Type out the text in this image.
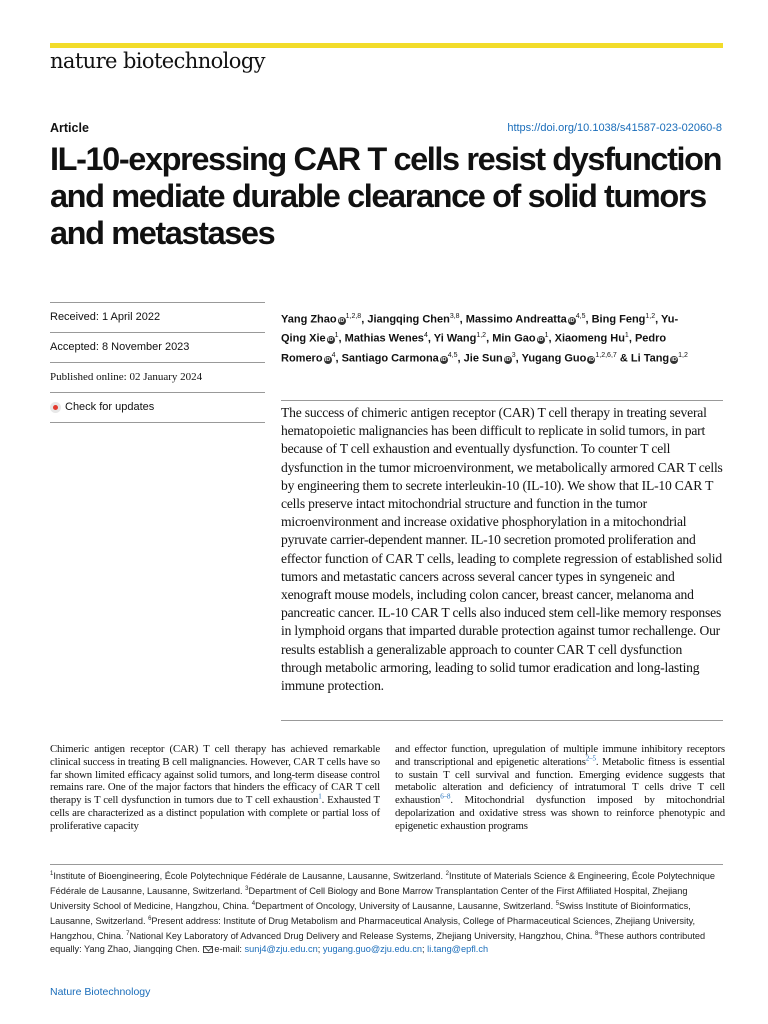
nature biotechnology
Article	https://doi.org/10.1038/s41587-023-02060-8
IL-10-expressing CAR T cells resist dysfunction and mediate durable clearance of solid tumors and metastases
Received: 1 April 2022
Accepted: 8 November 2023
Published online: 02 January 2024
Check for updates
Yang Zhao iD$^{1,2,8}$, Jiangqing Chen$^{3,8}$, Massimo Andreatta iD$^{4,5}$, Bing Feng$^{1,2}$, Yu-Qing Xie $iD^1$, Mathias Wenes$^4$, Yi Wang$^{1,2}$, Min Gao $iD^1$, Xiaomeng Hu$^1$, Pedro Romero $iD^4$, Santiago Carmona iD$^{4,5}$, Jie Sun $iD^3$, Yugang Guo iD$^{1,2,6,7}$ & Li Tang iD$^{1,2}$

The success of chimeric antigen receptor (CAR) T cell therapy in treating several hematopoietic malignancies has been difficult to replicate in solid tumors, in part because of T cell exhaustion and eventually dysfunction. To counter T cell dysfunction in the tumor microenvironment, we metabolically armored CAR T cells by engineering them to secrete interleukin-10 (IL-10). We show that IL-10 CAR T cells preserve intact mitochondrial structure and function in the tumor microenvironment and increase oxidative phosphorylation in a mitochondrial pyruvate carrier-dependent manner. IL-10 secretion promoted proliferation and effector function of CAR T cells, leading to complete regression of established solid tumors and metastatic cancers across several cancer types in syngeneic and xenograft mouse models, including colon cancer, breast cancer, melanoma and pancreatic cancer. IL-10 CAR T cells also induced stem cell-like memory responses in lymphoid organs that imparted durable protection against tumor rechallenge. Our results establish a generalizable approach to counter CAR T cell dysfunction through metabolic armoring, leading to solid tumor eradication and long-lasting immune protection.

Chimeric antigen receptor (CAR) T cell therapy has achieved remarkable clinical success in treating B cell malignancies. However, CAR T cells have so far shown limited efficacy against solid tumors, and long-term disease control remains rare. One of the major factors that hinders the efficacy of CAR T cell therapy is T cell dysfunction in tumors due to T cell exhaustion$^1$. Exhausted T cells are characterized as a distinct population with complete or partial loss of proliferative capacity

and effector function, upregulation of multiple immune inhibitory receptors and transcriptional and epigenetic alterations$^{2-5}$. Metabolic fitness is essential to sustain T cell survival and function. Emerging evidence suggests that metabolic alteration and deficiency of intratumoral T cells drive T cell exhaustion$^{6-8}$. Mitochondrial dysfunction imposed by mitochondrial depolarization and oxidative stress was shown to reinforce phenotypic and epigenetic exhaustion programs

$^1$Institute of Bioengineering, École Polytechnique Fédérale de Lausanne, Lausanne, Switzerland. $^2$Institute of Materials Science & Engineering, École Polytechnique Fédérale de Lausanne, Lausanne, Switzerland. $^3$Department of Cell Biology and Bone Marrow Transplantation Center of the First Affiliated Hospital, Zhejiang University School of Medicine, Hangzhou, China. $^4$Department of Oncology, University of Lausanne, Lausanne, Switzerland. $^5$Swiss Institute of Bioinformatics, Lausanne, Switzerland. $^6$Present address: Institute of Drug Metabolism and Pharmaceutical Analysis, College of Pharmaceutical Sciences, Zhejiang University, Hangzhou, China. $^7$National Key Laboratory of Advanced Drug Delivery and Release Systems, Zhejiang University, Hangzhou, China. $^8$These authors contributed equally: Yang Zhao, Jiangqing Chen. e-mail: sunj4@zju.edu.cn; yugang.guo@zju.edu.cn; li.tang@epfl.ch

Nature Biotechnology
